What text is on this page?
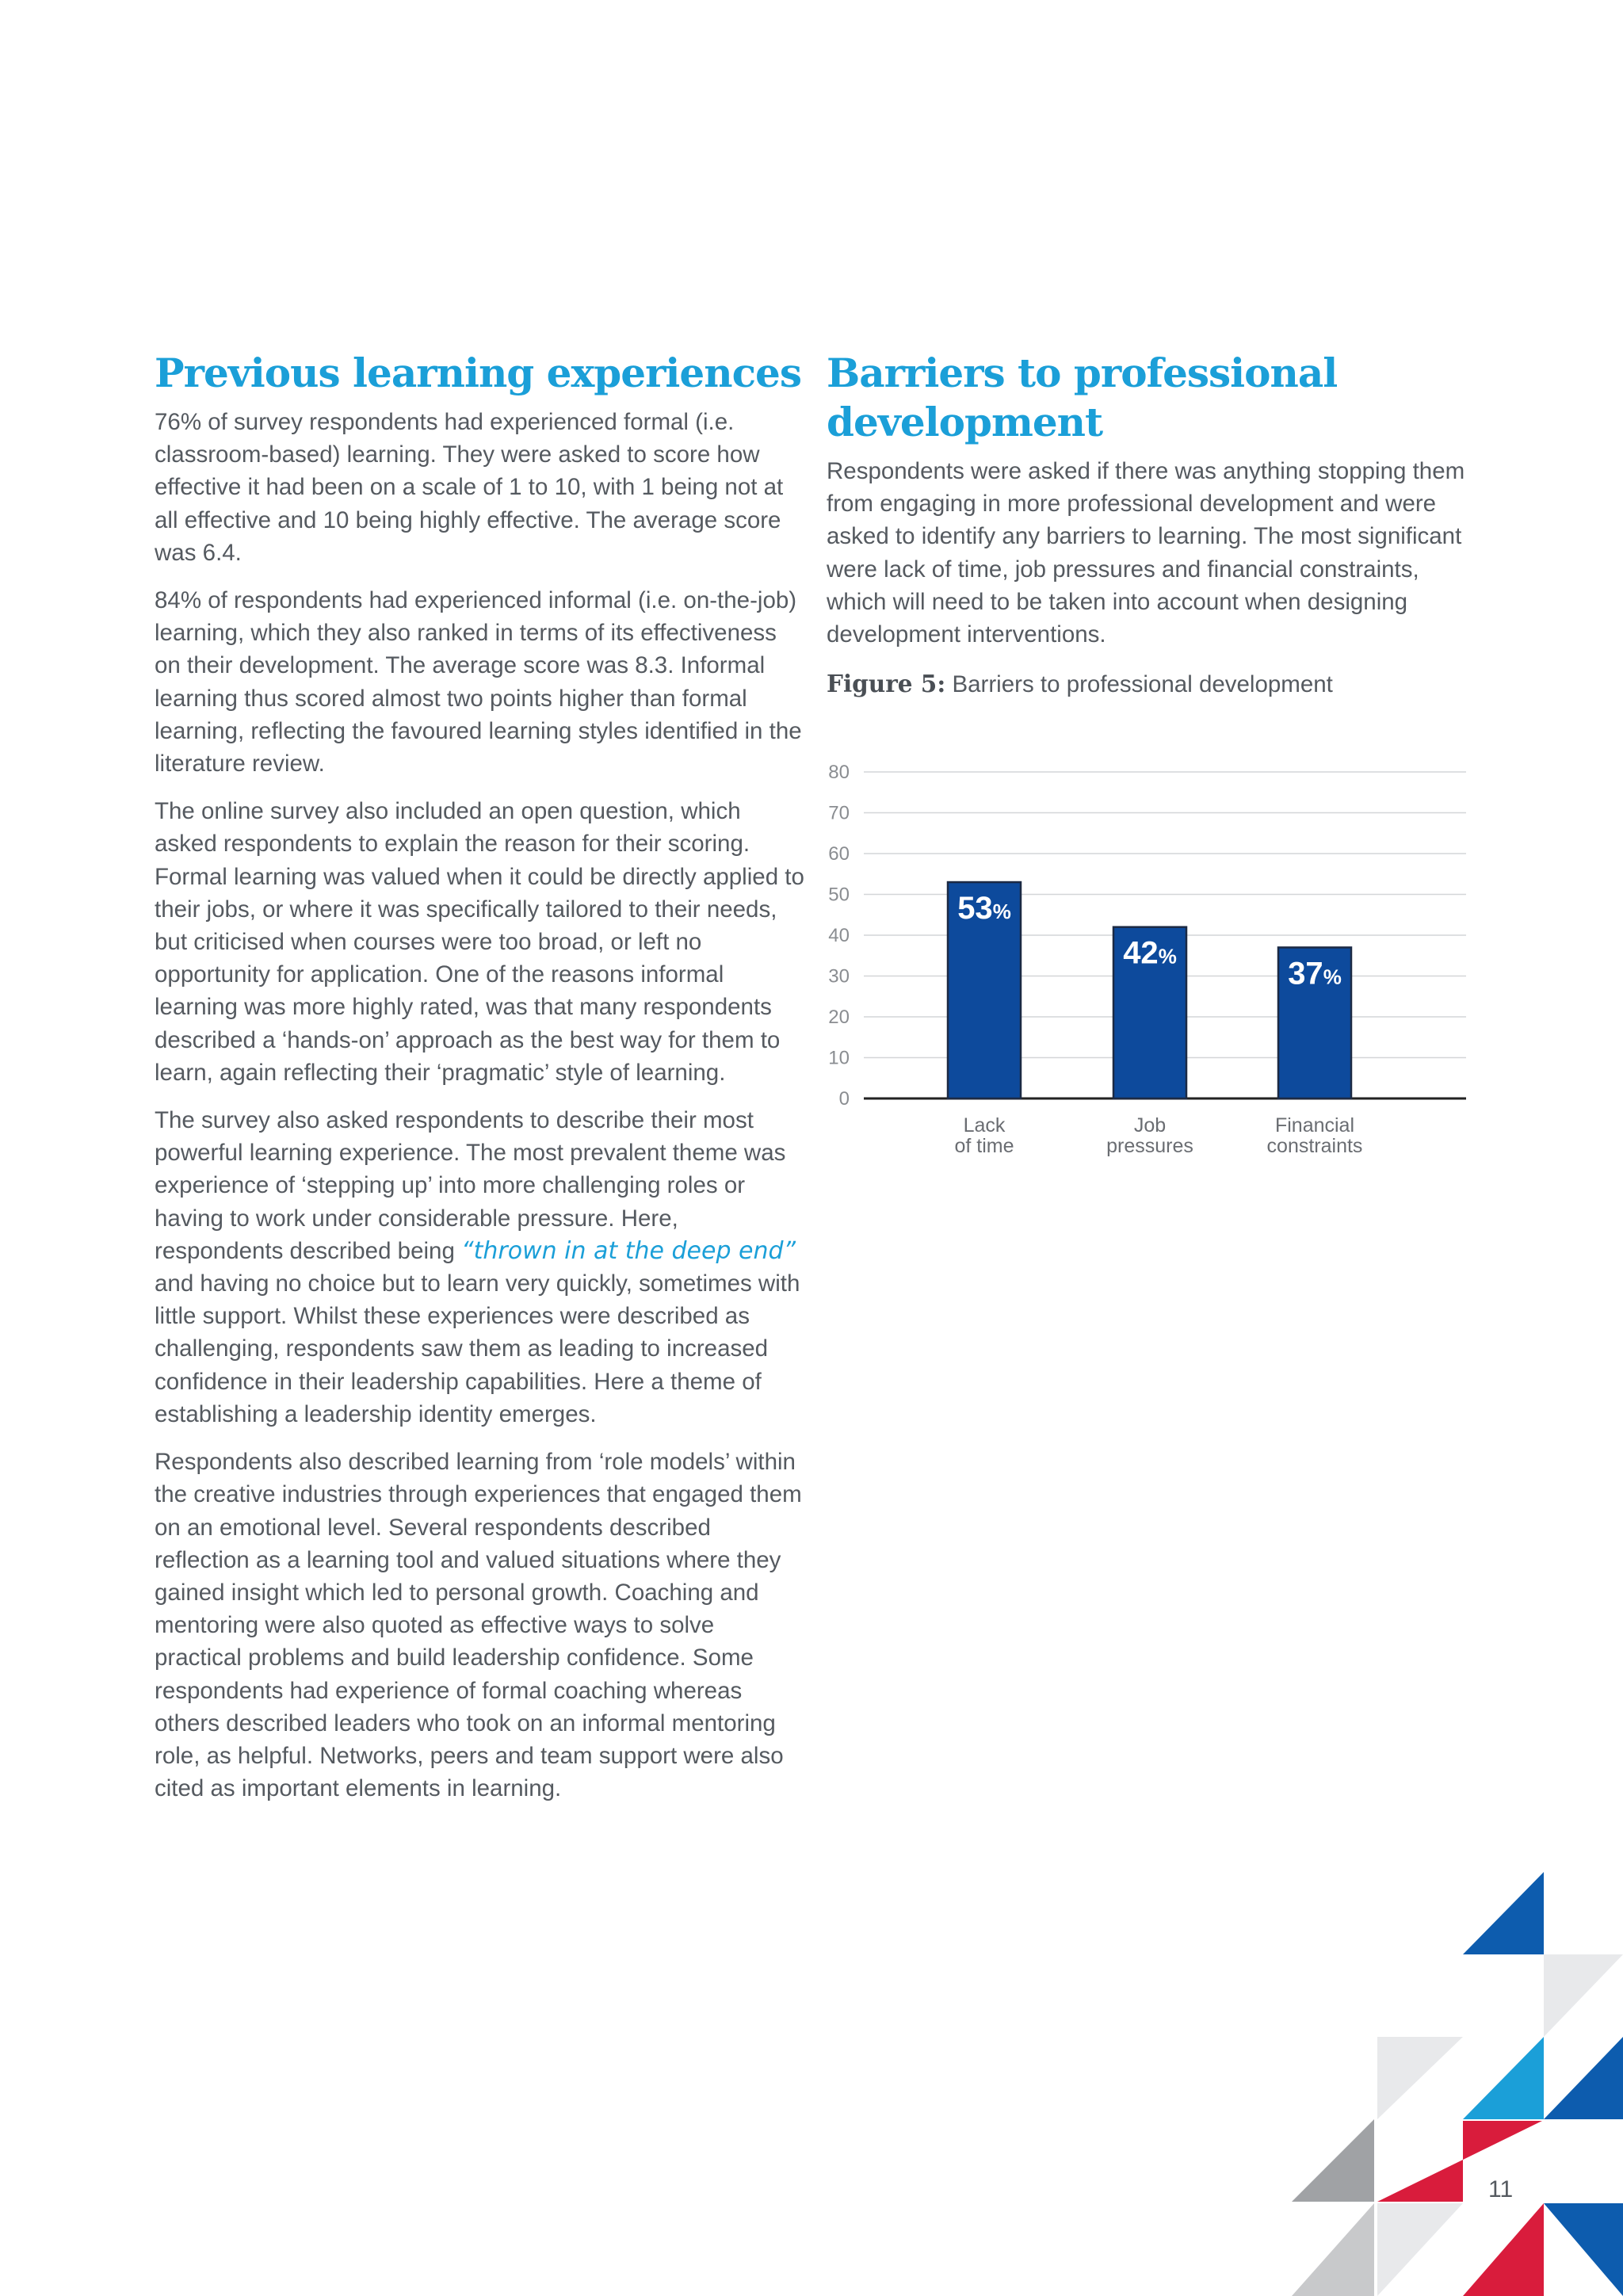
Previous learning experiences

76% of survey respondents had experienced formal (i.e. classroom-based) learning. They were asked to score how effective it had been on a scale of 1 to 10, with 1 being not at all effective and 10 being highly effective. The average score was 6.4.

84% of respondents had experienced informal (i.e. on-the-job) learning, which they also ranked in terms of its effectiveness on their development. The average score was 8.3. Informal learning thus scored almost two points higher than formal learning, reflecting the favoured learning styles identified in the literature review.

The online survey also included an open question, which asked respondents to explain the reason for their scoring. Formal learning was valued when it could be directly applied to their jobs, or where it was specifically tailored to their needs, but criticised when courses were too broad, or left no opportunity for application. One of the reasons informal learning was more highly rated, was that many respondents described a ‘hands-on’ approach as the best way for them to learn, again reflecting their ‘pragmatic’ style of learning.

The survey also asked respondents to describe their most powerful learning experience. The most prevalent theme was experience of ‘stepping up’ into more challenging roles or having to work under considerable pressure. Here, respondents described being “thrown in at the deep end” and having no choice but to learn very quickly, sometimes with little support. Whilst these experiences were described as challenging, respondents saw them as leading to increased confidence in their leadership capabilities. Here a theme of establishing a leadership identity emerges.

Respondents also described learning from ‘role models’ within the creative industries through experiences that engaged them on an emotional level. Several respondents described reflection as a learning tool and valued situations where they gained insight which led to personal growth. Coaching and mentoring were also quoted as effective ways to solve practical problems and build leadership confidence. Some respondents had experience of formal coaching whereas others described leaders who took on an informal mentoring role, as helpful. Networks, peers and team support were also cited as important elements in learning.

Barriers to professional development

Respondents were asked if there was anything stopping them from engaging in more professional development and were asked to identify any barriers to learning. The most significant were lack of time, job pressures and financial constraints, which will need to be taken into account when designing development interventions.

Figure 5: Barriers to professional development

0
10
20
30
40
50
60
70
80
53%
Lack
of time
42%
Job
pressures
37%
Financial
constraints
11
